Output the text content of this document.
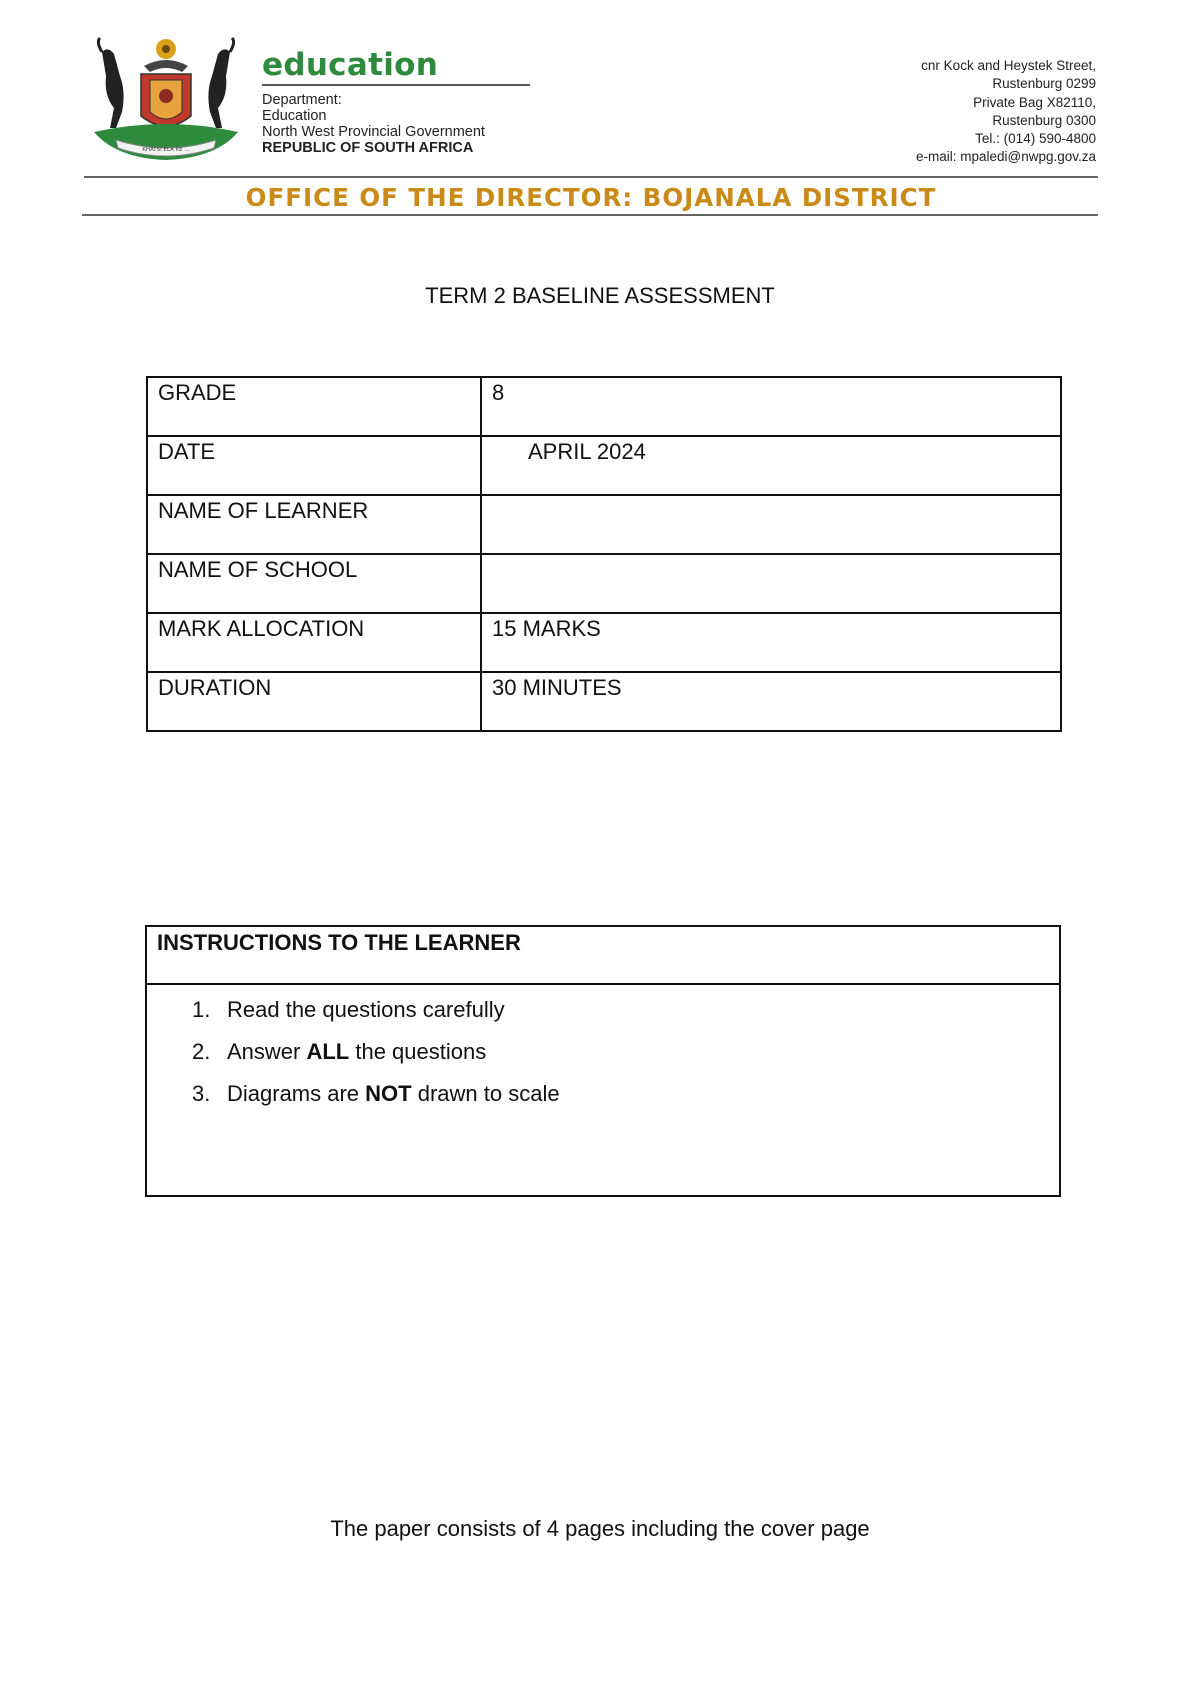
KHATSI ELA KE ...
education
Department:
Education
North West Provincial Government
REPUBLIC OF SOUTH AFRICA
cnr Kock and Heystek Street,
Rustenburg 0299
Private Bag X82110,
Rustenburg 0300
Tel.: (014) 590-4800
e-mail: mpaledi@nwpg.gov.za
OFFICE OF THE DIRECTOR: BOJANALA DISTRICT
TERM 2 BASELINE ASSESSMENT
GRADE	8
DATE	APRIL 2024
NAME OF LEARNER	
NAME OF SCHOOL	
MARK ALLOCATION	15 MARKS
DURATION	30 MINUTES
INSTRUCTIONS TO THE LEARNER
1. Read the questions carefully
2. Answer ALL the questions
3. Diagrams are NOT drawn to scale
The paper consists of 4 pages including the cover page
